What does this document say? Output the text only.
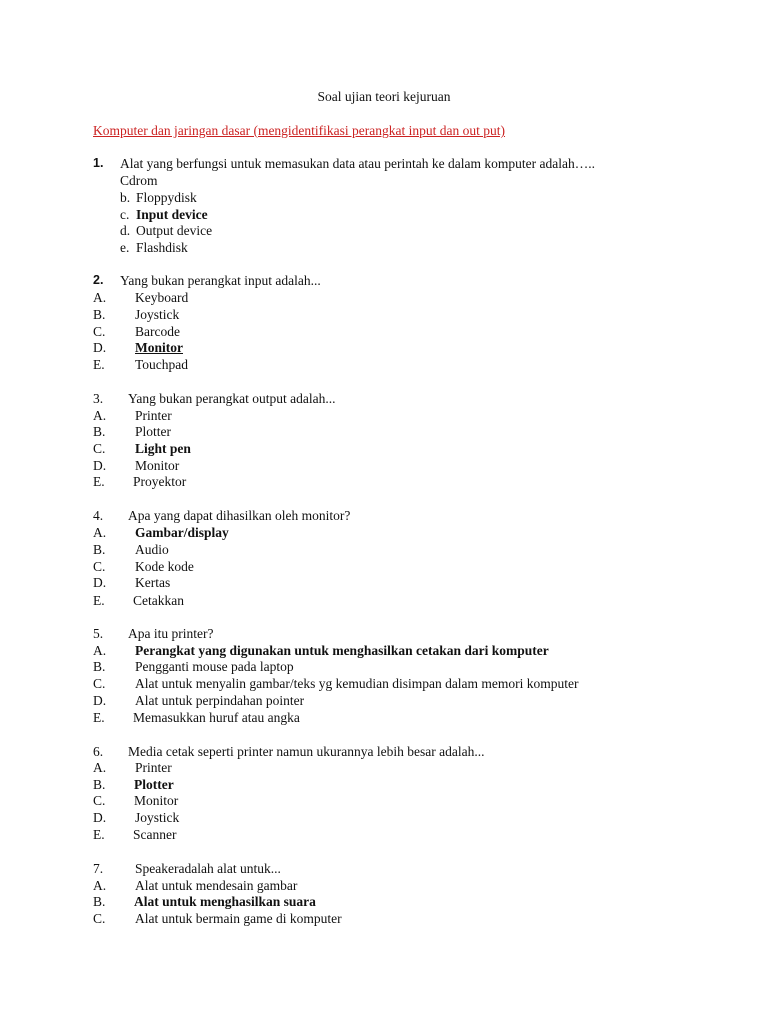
Soal ujian teori kejuruan
Komputer dan jaringan dasar (mengidentifikasi perangkat input dan out put)
1. Alat yang berfungsi untuk memasukan data atau perintah ke dalam komputer adalah…..
Cdrom
b. Floppydisk
c. Input device
d. Output device
e. Flashdisk
2. Yang bukan perangkat input adalah...
A. Keyboard
B. Joystick
C. Barcode
D. Monitor
E. Touchpad
3. Yang bukan perangkat output adalah...
A. Printer
B. Plotter
C. Light pen
D. Monitor
E. Proyektor
4. Apa yang dapat dihasilkan oleh monitor?
A. Gambar/display
B. Audio
C. Kode kode
D. Kertas
E. Cetakkan
5. Apa itu printer?
A. Perangkat yang digunakan untuk menghasilkan cetakan dari komputer
B. Pengganti mouse pada laptop
C. Alat untuk menyalin gambar/teks yg kemudian disimpan dalam memori komputer
D. Alat untuk perpindahan pointer
E. Memasukkan huruf atau angka
6. Media cetak seperti printer namun ukurannya lebih besar adalah...
A. Printer
B. Plotter
C. Monitor
D. Joystick
E. Scanner
7. Speakeradalah alat untuk...
A. Alat untuk mendesain gambar
B. Alat untuk menghasilkan suara
C. Alat untuk bermain game di komputer
